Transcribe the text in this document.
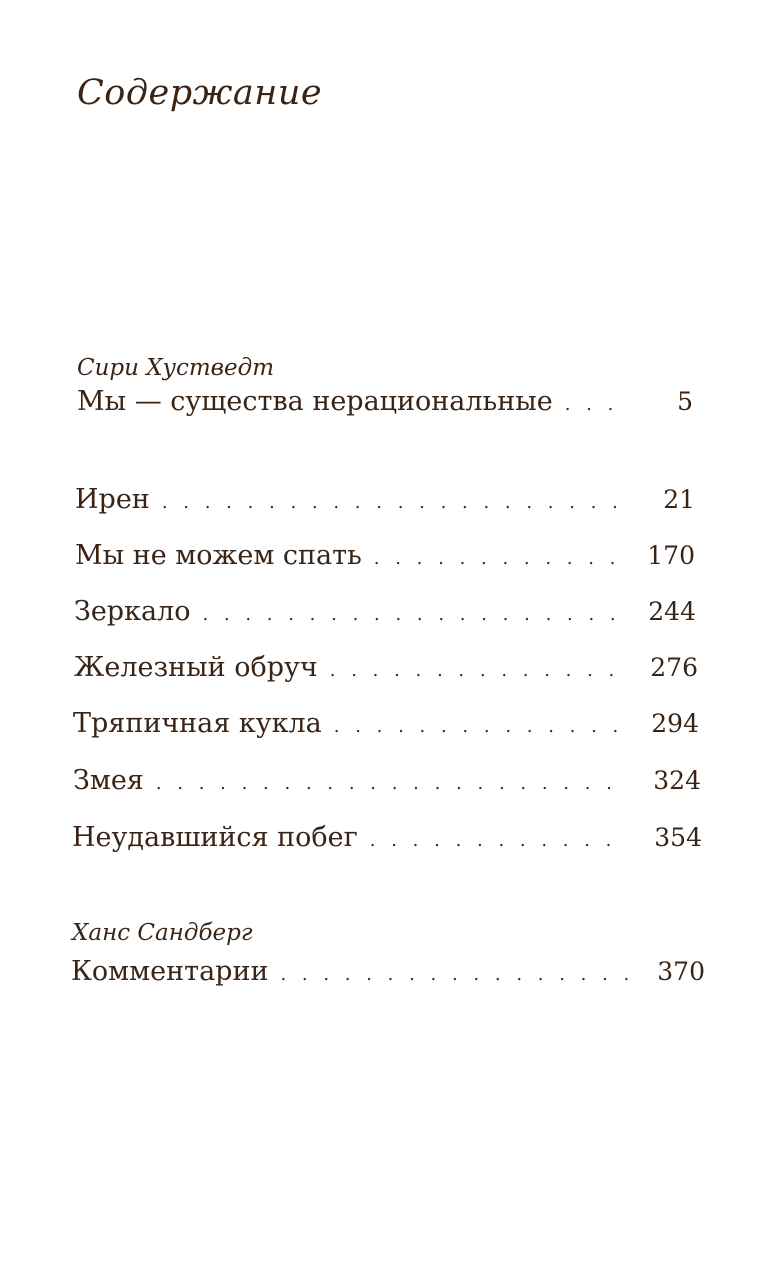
Содержание
Сири Хустведт
Мы — существа нерациональные . . .	5
Ирен . . .	21
Мы не можем спать . . .	170
Зеркало . . .	244
Железный обруч . . .	276
Тряпичная кукла . . .	294
Змея . . .	324
Неудавшийся побег . . .	354
Ханс Сандберг
Комментарии . . .	370
